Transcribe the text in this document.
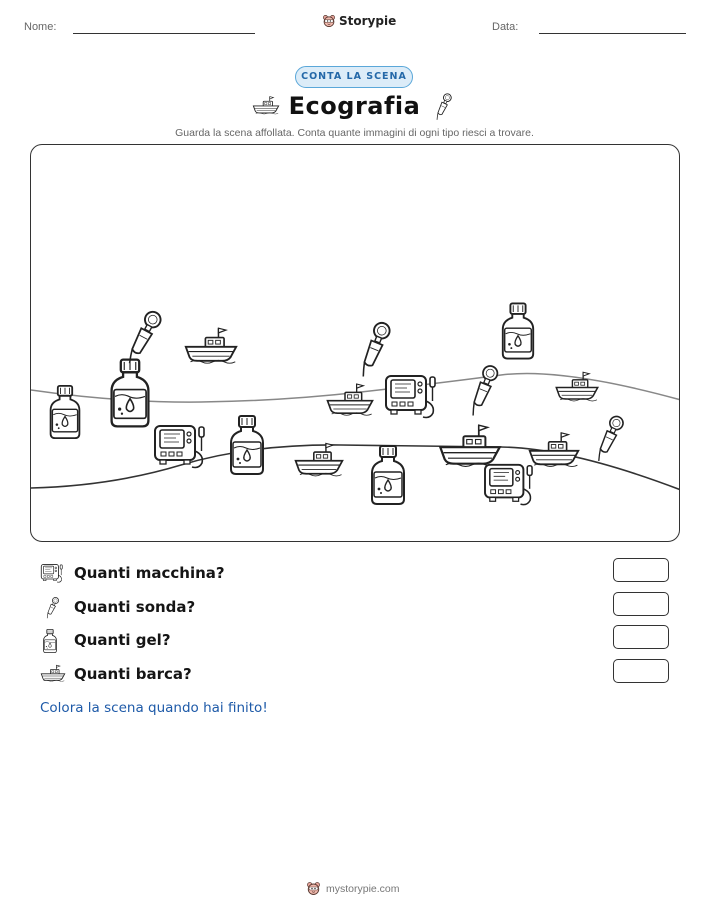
Nome:	Storypie	Data:
CONTA LA SCENA
Ecografia
Guarda la scena affollata. Conta quante immagini di ogni tipo riesci a trovare.
Quanti macchina?
Quanti sonda?
Quanti gel?
Quanti barca?
Colora la scena quando hai finito!
mystorypie.com
